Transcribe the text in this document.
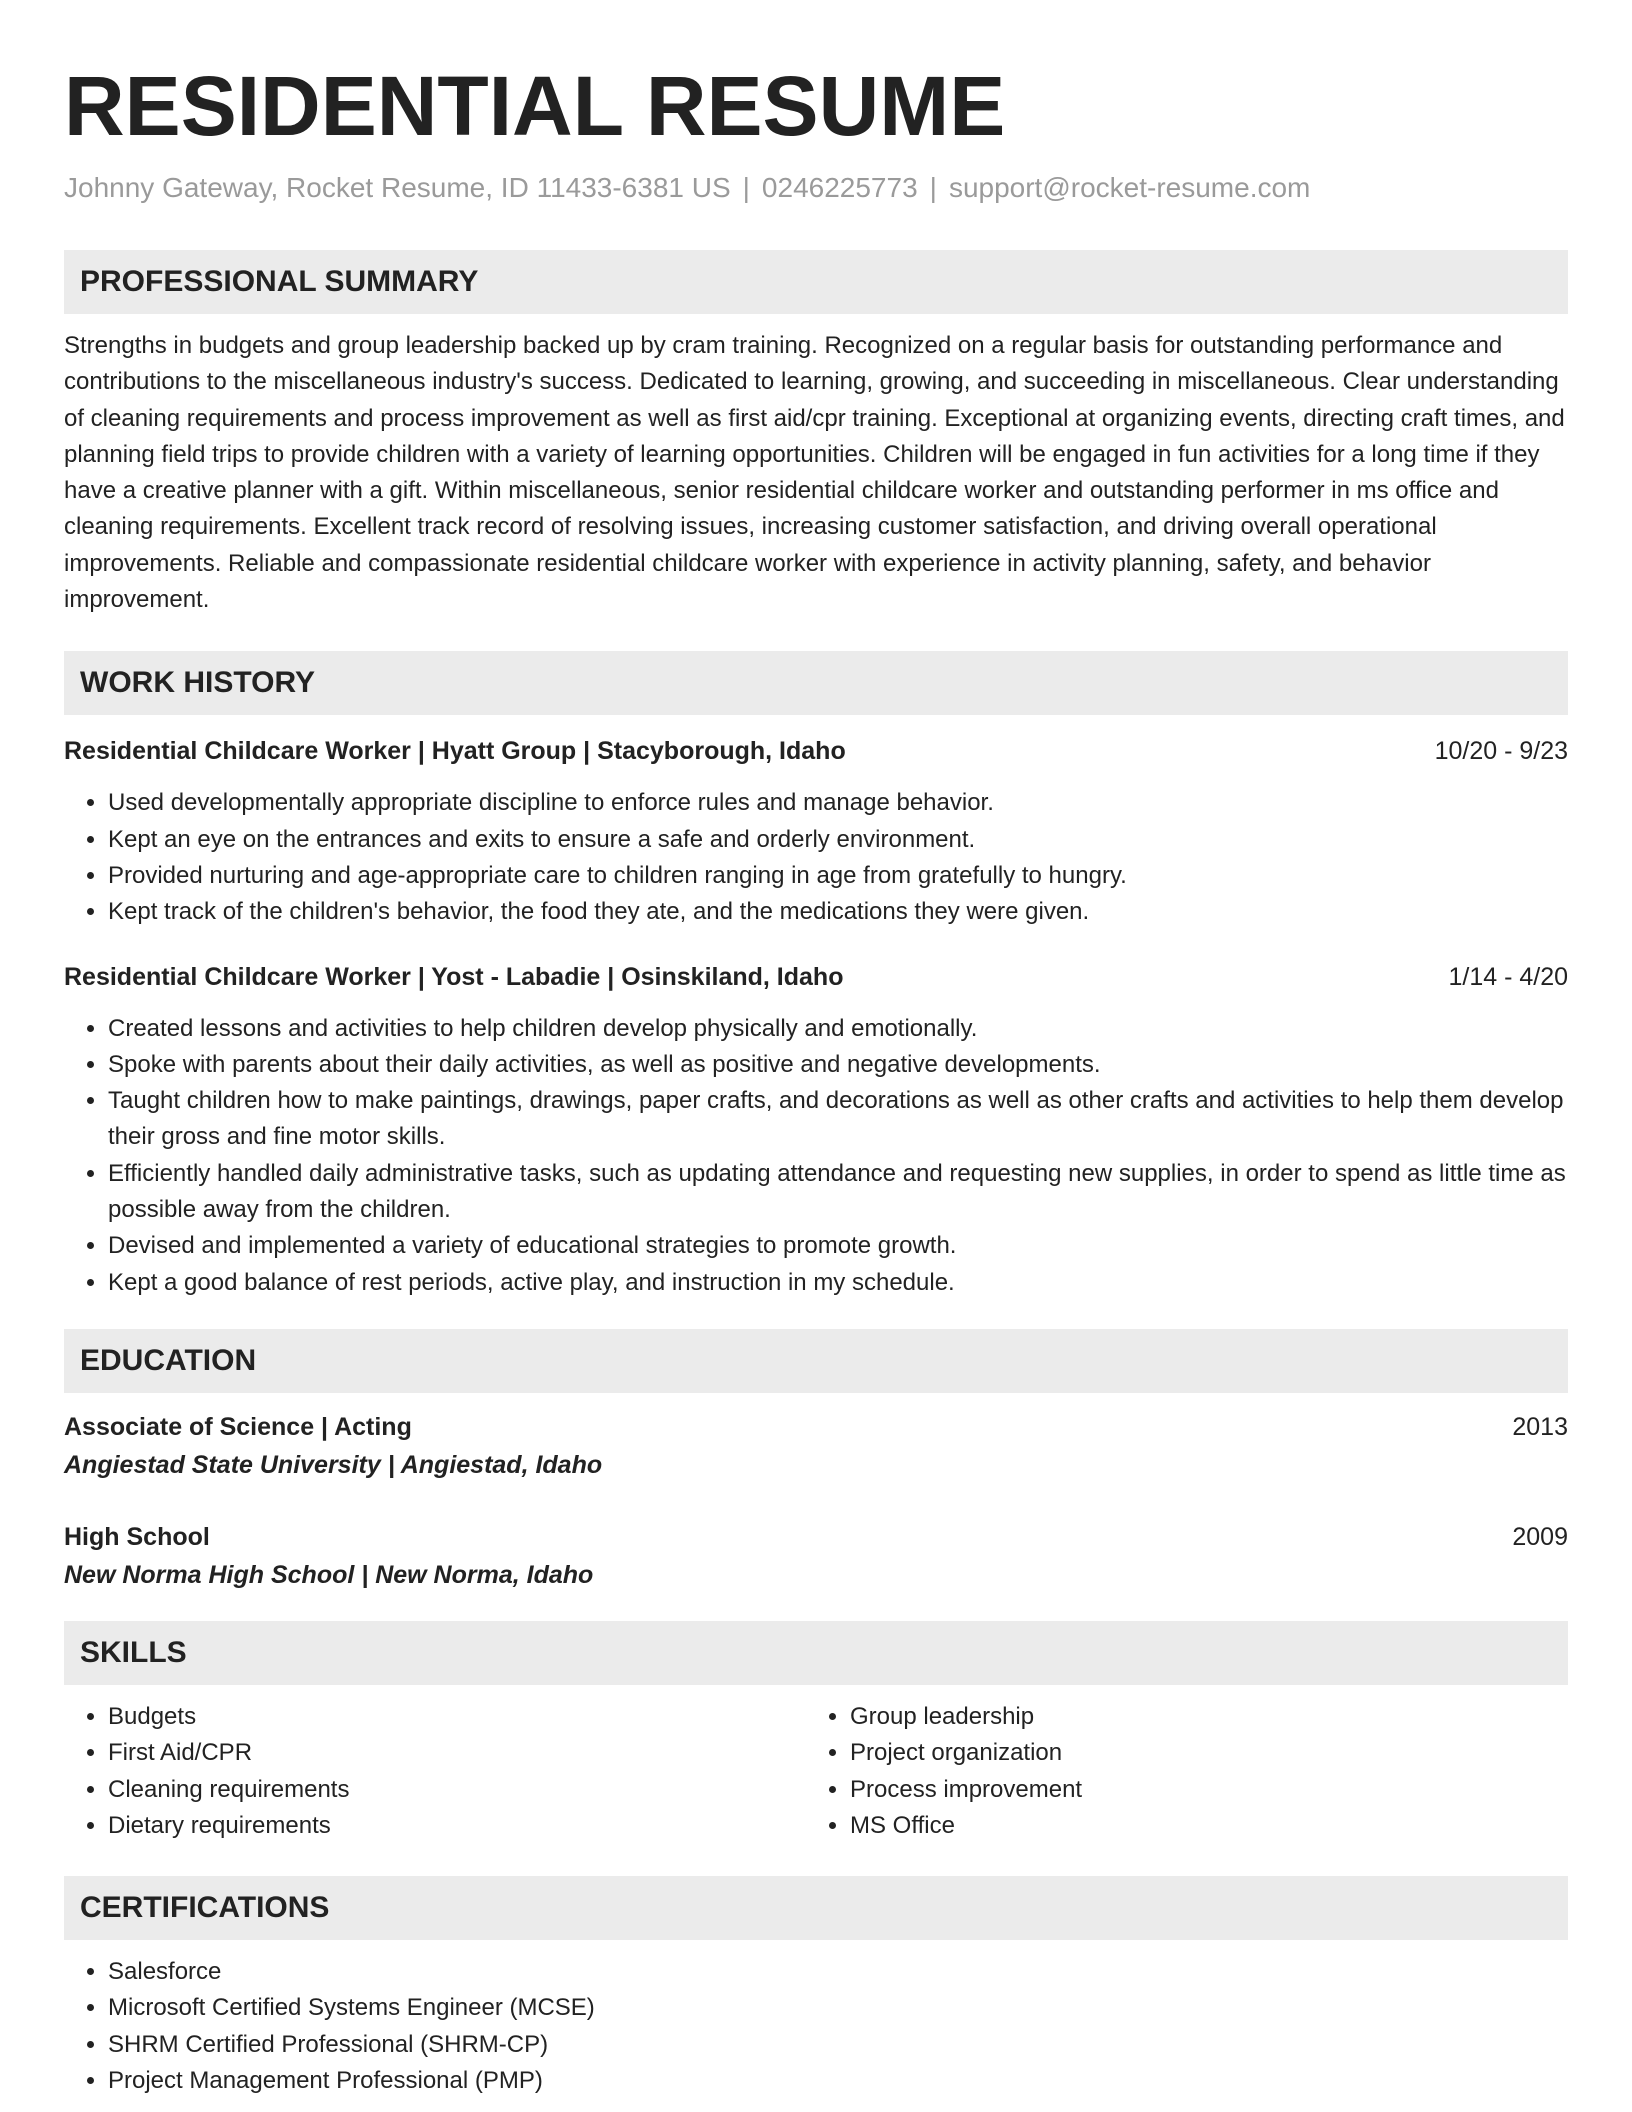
RESIDENTIAL RESUME
Johnny Gateway, Rocket Resume, ID 11433-6381 US | 0246225773 | support@rocket-resume.com
PROFESSIONAL SUMMARY
Strengths in budgets and group leadership backed up by cram training. Recognized on a regular basis for outstanding performance and contributions to the miscellaneous industry's success. Dedicated to learning, growing, and succeeding in miscellaneous. Clear understanding of cleaning requirements and process improvement as well as first aid/cpr training. Exceptional at organizing events, directing craft times, and planning field trips to provide children with a variety of learning opportunities. Children will be engaged in fun activities for a long time if they have a creative planner with a gift. Within miscellaneous, senior residential childcare worker and outstanding performer in ms office and cleaning requirements. Excellent track record of resolving issues, increasing customer satisfaction, and driving overall operational improvements. Reliable and compassionate residential childcare worker with experience in activity planning, safety, and behavior improvement.
WORK HISTORY
Residential Childcare Worker | Hyatt Group | Stacyborough, Idaho	10/20 - 9/23
• Used developmentally appropriate discipline to enforce rules and manage behavior.
• Kept an eye on the entrances and exits to ensure a safe and orderly environment.
• Provided nurturing and age-appropriate care to children ranging in age from gratefully to hungry.
• Kept track of the children's behavior, the food they ate, and the medications they were given.
Residential Childcare Worker | Yost - Labadie | Osinskiland, Idaho	1/14 - 4/20
• Created lessons and activities to help children develop physically and emotionally.
• Spoke with parents about their daily activities, as well as positive and negative developments.
• Taught children how to make paintings, drawings, paper crafts, and decorations as well as other crafts and activities to help them develop their gross and fine motor skills.
• Efficiently handled daily administrative tasks, such as updating attendance and requesting new supplies, in order to spend as little time as possible away from the children.
• Devised and implemented a variety of educational strategies to promote growth.
• Kept a good balance of rest periods, active play, and instruction in my schedule.
EDUCATION
Associate of Science | Acting	2013
Angiestad State University | Angiestad, Idaho
High School	2009
New Norma High School | New Norma, Idaho
SKILLS
• Budgets
• First Aid/CPR
• Cleaning requirements
• Dietary requirements
• Group leadership
• Project organization
• Process improvement
• MS Office
CERTIFICATIONS
• Salesforce
• Microsoft Certified Systems Engineer (MCSE)
• SHRM Certified Professional (SHRM-CP)
• Project Management Professional (PMP)
